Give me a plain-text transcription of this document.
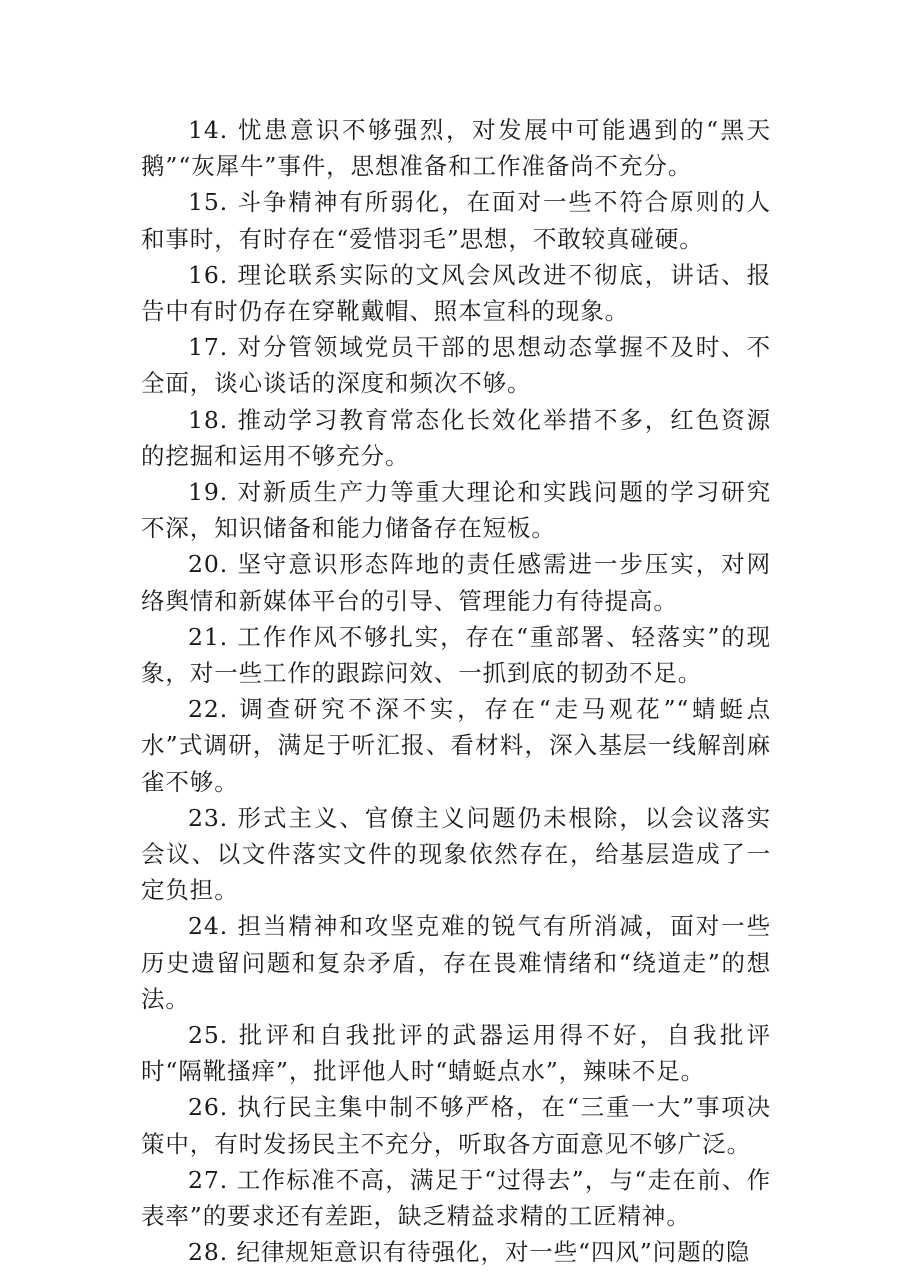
14. 忧患意识不够强烈，对发展中可能遇到的“黑天鹅”“灰犀牛”事件，思想准备和工作准备尚不充分。

15. 斗争精神有所弱化，在面对一些不符合原则的人和事时，有时存在“爱惜羽毛”思想，不敢较真碰硬。

16. 理论联系实际的文风会风改进不彻底，讲话、报告中有时仍存在穿靴戴帽、照本宣科的现象。

17. 对分管领域党员干部的思想动态掌握不及时、不全面，谈心谈话的深度和频次不够。

18. 推动学习教育常态化长效化举措不多，红色资源的挖掘和运用不够充分。

19. 对新质生产力等重大理论和实践问题的学习研究不深，知识储备和能力储备存在短板。

20. 坚守意识形态阵地的责任感需进一步压实，对网络舆情和新媒体平台的引导、管理能力有待提高。

21. 工作作风不够扎实，存在“重部署、轻落实”的现象，对一些工作的跟踪问效、一抓到底的韧劲不足。

22. 调查研究不深不实，存在“走马观花”“蜻蜓点水”式调研，满足于听汇报、看材料，深入基层一线解剖麻雀不够。

23. 形式主义、官僚主义问题仍未根除，以会议落实会议、以文件落实文件的现象依然存在，给基层造成了一定负担。

24. 担当精神和攻坚克难的锐气有所消减，面对一些历史遗留问题和复杂矛盾，存在畏难情绪和“绕道走”的想法。

25. 批评和自我批评的武器运用得不好，自我批评时“隔靴搔痒”，批评他人时“蜻蜓点水”，辣味不足。

26. 执行民主集中制不够严格，在“三重一大”事项决策中，有时发扬民主不充分，听取各方面意见不够广泛。

27. 工作标准不高，满足于“过得去”，与“走在前、作表率”的要求还有差距，缺乏精益求精的工匠精神。

28. 纪律规矩意识有待强化，对一些“四风”问题的隐
